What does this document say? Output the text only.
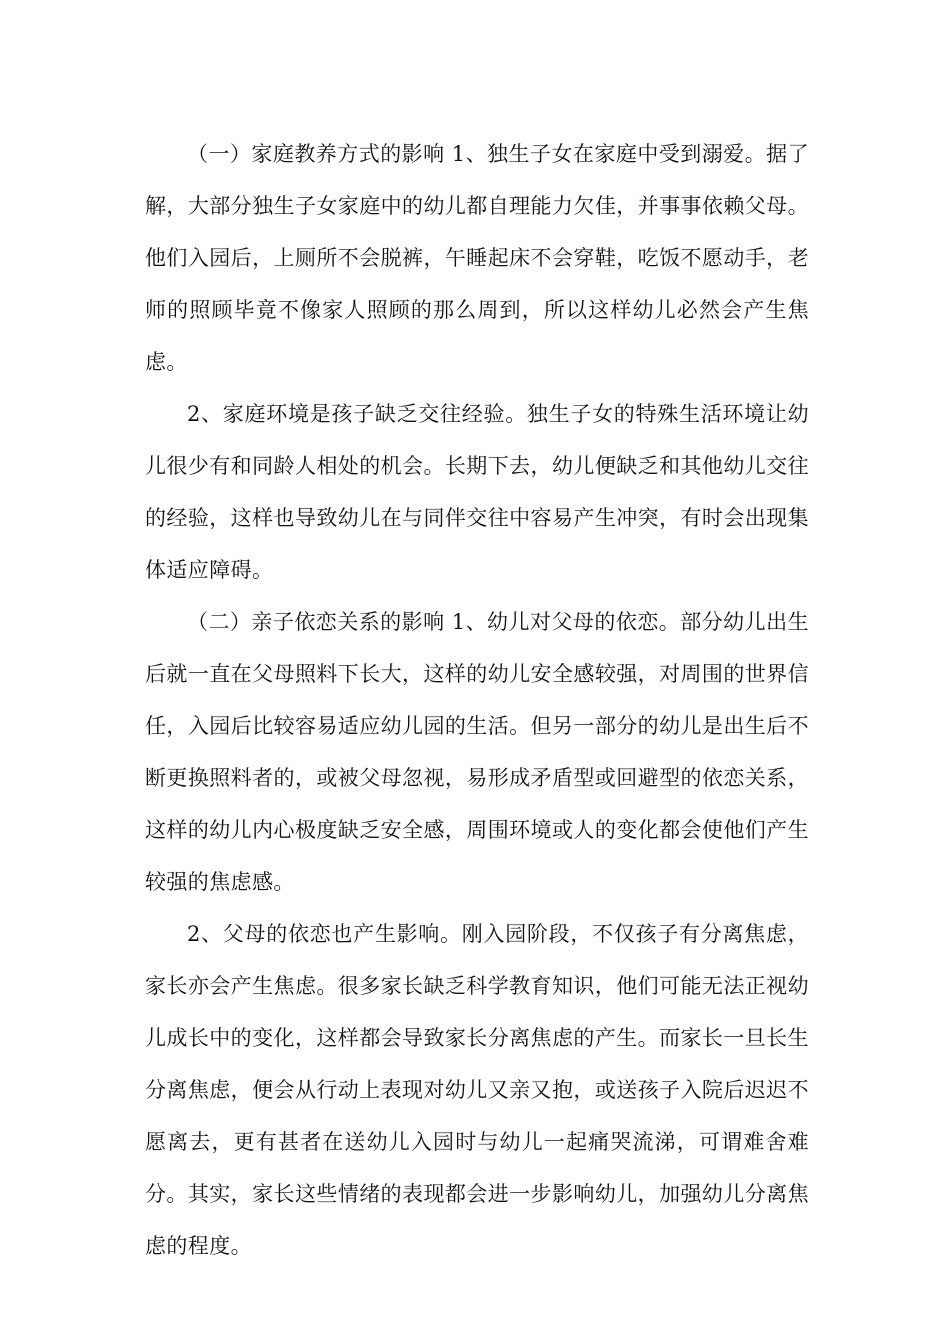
（一）家庭教养方式的影响 1、独生子女在家庭中受到溺爱。据了解，大部分独生子女家庭中的幼儿都自理能力欠佳，并事事依赖父母。他们入园后，上厕所不会脱裤，午睡起床不会穿鞋，吃饭不愿动手，老师的照顾毕竟不像家人照顾的那么周到，所以这样幼儿必然会产生焦虑。

2、家庭环境是孩子缺乏交往经验。独生子女的特殊生活环境让幼儿很少有和同龄人相处的机会。长期下去，幼儿便缺乏和其他幼儿交往的经验，这样也导致幼儿在与同伴交往中容易产生冲突，有时会出现集体适应障碍。

（二）亲子依恋关系的影响 1、幼儿对父母的依恋。部分幼儿出生后就一直在父母照料下长大，这样的幼儿安全感较强，对周围的世界信任，入园后比较容易适应幼儿园的生活。但另一部分的幼儿是出生后不断更换照料者的，或被父母忽视，易形成矛盾型或回避型的依恋关系，这样的幼儿内心极度缺乏安全感，周围环境或人的变化都会使他们产生较强的焦虑感。

2、父母的依恋也产生影响。刚入园阶段，不仅孩子有分离焦虑，家长亦会产生焦虑。很多家长缺乏科学教育知识，他们可能无法正视幼儿成长中的变化，这样都会导致家长分离焦虑的产生。而家长一旦长生分离焦虑，便会从行动上表现对幼儿又亲又抱，或送孩子入院后迟迟不愿离去，更有甚者在送幼儿入园时与幼儿一起痛哭流涕，可谓难舍难分。其实，家长这些情绪的表现都会进一步影响幼儿，加强幼儿分离焦虑的程度。
